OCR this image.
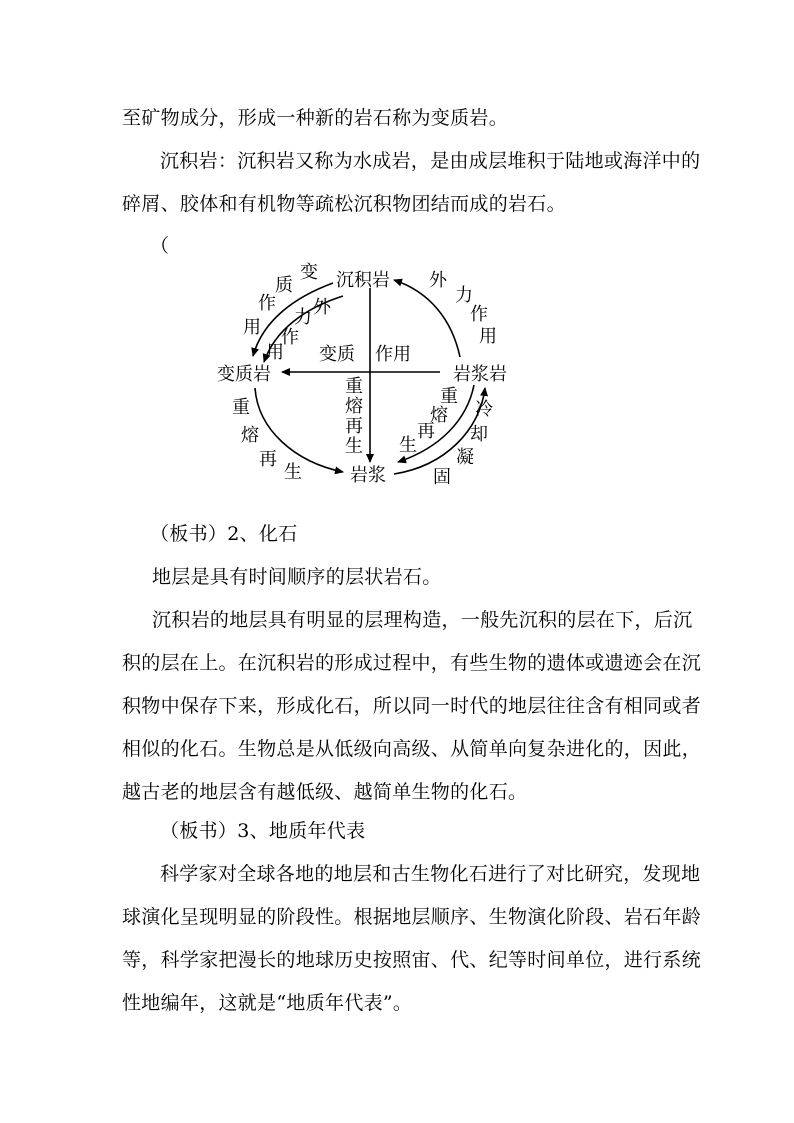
至矿物成分，形成一种新的岩石称为变质岩。
沉积岩：沉积岩又称为水成岩，是由成层堆积于陆地或海洋中的
碎屑、胶体和有机物等疏松沉积物团结而成的岩石。
（
沉积岩
变质岩	岩浆岩
岩浆
变
质
作
用
外
力
作
用
外
力
作
用
变质 作用
重
熔
再
生
重
熔
再
生
重
熔
再
生
冷
却
凝
固
（板书）2、化石
地层是具有时间顺序的层状岩石。
沉积岩的地层具有明显的层理构造，一般先沉积的层在下，后沉
积的层在上。在沉积岩的形成过程中，有些生物的遗体或遗迹会在沉
积物中保存下来，形成化石，所以同一时代的地层往往含有相同或者
相似的化石。生物总是从低级向高级、从简单向复杂进化的，因此，
越古老的地层含有越低级、越简单生物的化石。
（板书）3、地质年代表
科学家对全球各地的地层和古生物化石进行了对比研究，发现地
球演化呈现明显的阶段性。根据地层顺序、生物演化阶段、岩石年龄
等，科学家把漫长的地球历史按照宙、代、纪等时间单位，进行系统
性地编年，这就是“地质年代表”。
